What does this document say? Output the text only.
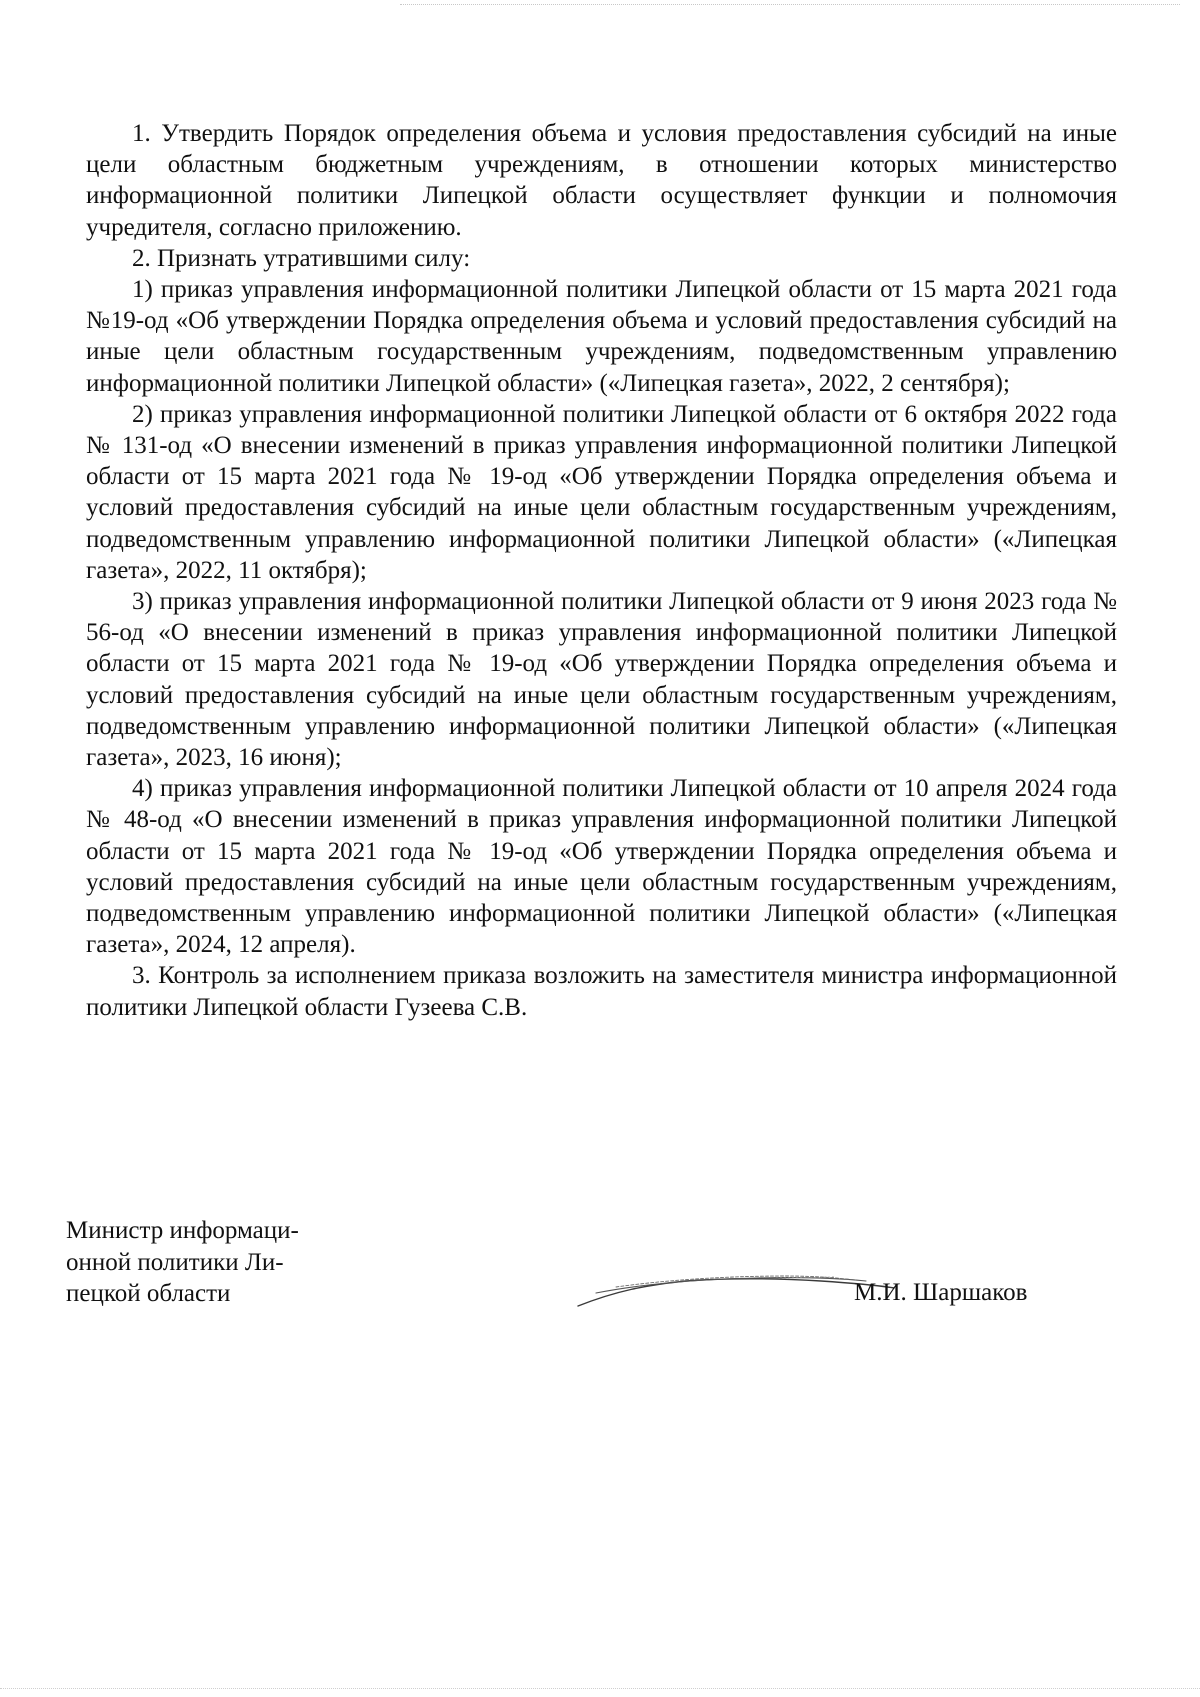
1. Утвердить Порядок определения объема и условия предоставления субсидий на иные цели областным бюджетным учреждениям, в отношении которых министерство информационной политики Липецкой области осуществляет функции и полномочия учредителя, согласно приложению.

2. Признать утратившими силу:

1) приказ управления информационной политики Липецкой области от 15 марта 2021 года №19-од «Об утверждении Порядка определения объема и условий предоставления субсидий на иные цели областным государственным учреждениям, подведомственным управлению информационной политики Липецкой области» («Липецкая газета», 2022, 2 сентября);

2) приказ управления информационной политики Липецкой области от 6 октября 2022 года № 131-од «О внесении изменений в приказ управления информационной политики Липецкой области от 15 марта 2021 года № 19-од «Об утверждении Порядка определения объема и условий предоставления субсидий на иные цели областным государственным учреждениям, подведомственным управлению информационной политики Липецкой области» («Липецкая газета», 2022, 11 октября);

3) приказ управления информационной политики Липецкой области от 9 июня 2023 года № 56-од «О внесении изменений в приказ управления информационной политики Липецкой области от 15 марта 2021 года № 19-од «Об утверждении Порядка определения объема и условий предоставления субсидий на иные цели областным государственным учреждениям, подведомственным управлению информационной политики Липецкой области» («Липецкая газета», 2023, 16 июня);

4) приказ управления информационной политики Липецкой области от 10 апреля 2024 года № 48-од «О внесении изменений в приказ управления информационной политики Липецкой области от 15 марта 2021 года № 19-од «Об утверждении Порядка определения объема и условий предоставления субсидий на иные цели областным государственным учреждениям, подведомственным управлению информационной политики Липецкой области» («Липецкая газета», 2024, 12 апреля).

3. Контроль за исполнением приказа возложить на заместителя министра информационной политики Липецкой области Гузеева С.В.

Министр информаци-
онной политики Ли-
пецкой области	М.И. Шаршаков
